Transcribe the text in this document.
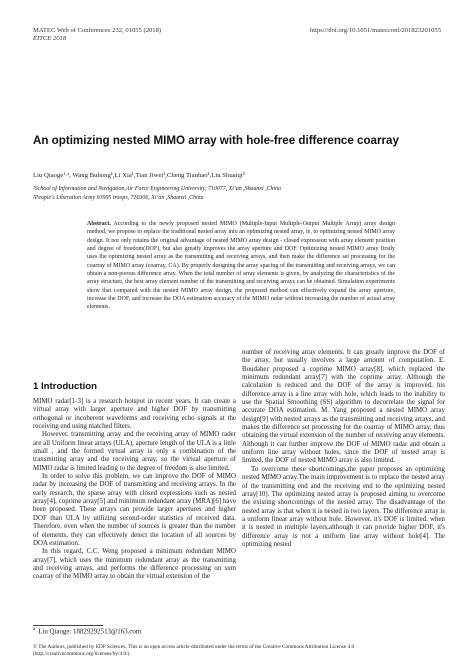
MATEC Web of Conferences 232, 01055 (2018)
EITCE 2018
https://doi.org/10.1051/matecconf/201823201055
An optimizing nested MIMO array with hole-free difference coarray
Liu Qiaoge¹·ᵃ, Wang Buhong¹,Li Xia¹,Tian Jiwei¹,Cheng Tianhao¹,Liu Shuaiqi²
¹School of Information and Navigation,Air Force Engineering University, 710077, Xi’an ,Shaanxi ,China
²People's Liberation Army 93995 troops, 710306, Xi’an ,Shaanxi ,China
Abstract. According to the newly proposed nested MIMO (Multiple-Input Multiple-Output Multiple Array) array design method, we propose to replace the traditional nested array into an optimizing nested array, ie, to optimizing nested MIMO array design. It not only retains the original advantage of nested MIMO array design - closed expression with array element position and degree of freedom(DOF), but also greatly improves the array aperture and DOF. Optimizing nested MIMO array firstly uses the optimizing nested array as the transmitting and receiving arrays, and then make the difference set processing for the coarray of MIMO array (coarray, CA). By properly designing the array spacing of the transmitting and receiving arrays, we can obtain a non-porous difference array. When the total number of array elements is given, by analyzing the characteristics of the array structure, the best array element number of the transmitting and receiving arrays can be obtained. Simulation experiments show that compared with the nested MIMO array design, the proposed method can effectively expand the array aperture, increase the DOF, and increase the DOA estimation accuracy of the MIMO radar without increasing the number of actual array elements.
1 Introduction

MIMO radar[1-3] is a research hotspot in recent years. It can create a virtual array with larger aperture and higher DOF by transmitting orthogonal or incoherent waveforms and receiving echo signals at the receiving end using matched filters.

However, transmitting array and the receiving array of MIMO rader are all Uniform linear arrays (ULA), aperture length of the ULA is a little small , and the formed virtual array is only a combination of the transmitting array and the receiving array, so the virtual aperture of MIMO radar is limited leading to the degree of freedom is also limited.

In order to solve this problem, we can improve the DOF of MIMO radar by increasing the DOF of transmitting and receiving arrays. In the early research, the sparse array with closed expressions such as nested array[4], coprime array[5] and minimum redundant array (MRA)[6] have been proposed. These arrays can provide larger apertures and higher DOF than ULA by utilizing second-order statistics of received data. Therefore, even when the number of sources is greater than the number of elements, they can effectively detect the location of all sources by DOA estimation.

In this regard, C.C. Weng proposed a minimum redundant MIMO array[7], which uses the minimum redundant array as the transmitting and receiving arrays, and performs the difference processing on sum coarray of the MIMO array to obtain the virtual extension of the

number of receiving array elements. It can greatly improve the DOF of the array, but usually involves a large amount of computation. E. Boudaher proposed a coprime MIMO array[8], which replaced the minimum redundant array[7] with the coprime array. Although the calculation is reduced and the DOF of the array is improved, his difference array is a line array with hole, which leads to the inability to use the Spatial Smoothing (SS) algorithm to decorrelate the signal for accurate DOA estimation. M. Yang proposed a nested MIMO array design[9] with nested arrays as the transmitting and receiving arrays, and makes the difference set processing for the coarray of MIMO array, thus obtaining the virtual extension of the number of receiving array elements. Although it can further improve the DOF of MIMO radar and obtain a uniform line array without holes, since the DOF of nested array is limited, the DOF of nested MIMO array is also limited.

To overcome these shortcomings,the paper proposes an optimizing nested MIMO array.The main improvement is to replace the nested array of the transmitting end and the receiving end to the optimizing nested array[10]. The optimizing nested array is proposed aiming to overcome the existing shortcomings of the nested array. The disadvantage of the nested array is that when it is nested in two layers. The difference array is a uniform linear array without hole. However, it's DOF is limited. when it is nested in multiple layers,although it can provide higher DOF, it's difference array is not a uniform line array without hole[4]. The optimizing nested

$^a$ Liu Qiaoge: 18829292513@163.com
© The Authors, published by EDP Sciences. This is an open access article distributed under the terms of the Creative Commons Attribution License 4.0 (http://creativecommons.org/licenses/by/4.0/).
